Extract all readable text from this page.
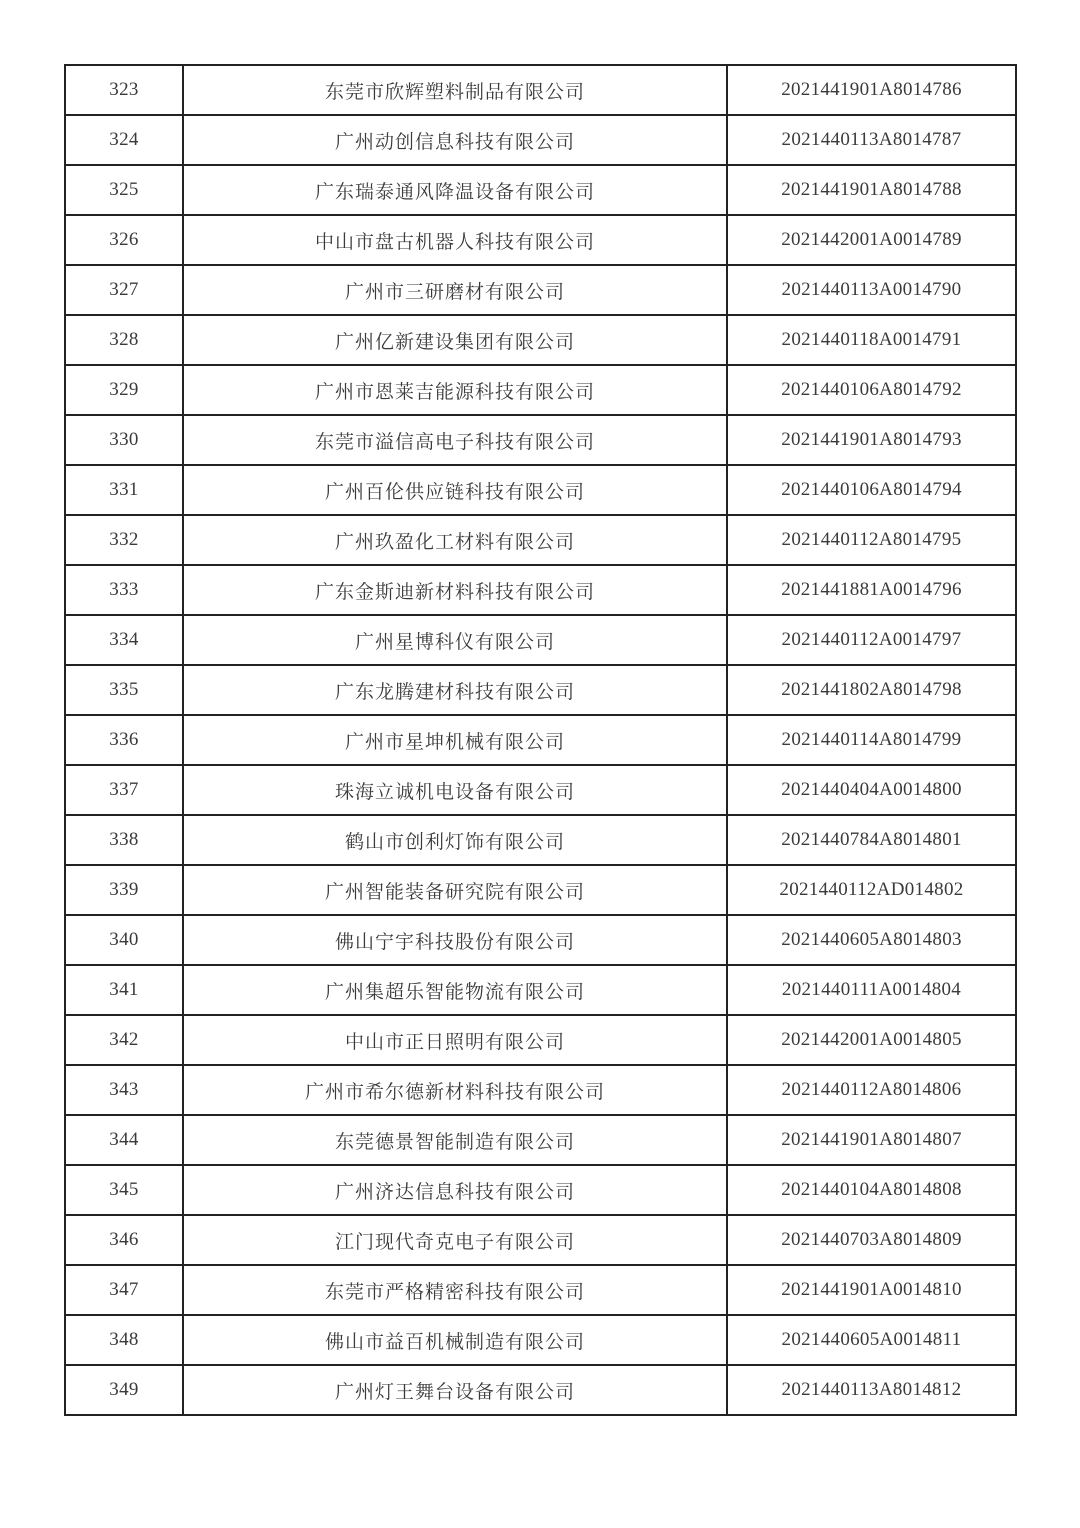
323	东莞市欣辉塑料制品有限公司	2021441901A8014786
324	广州动创信息科技有限公司	2021440113A8014787
325	广东瑞泰通风降温设备有限公司	2021441901A8014788
326	中山市盘古机器人科技有限公司	2021442001A0014789
327	广州市三研磨材有限公司	2021440113A0014790
328	广州亿新建设集团有限公司	2021440118A0014791
329	广州市恩莱吉能源科技有限公司	2021440106A8014792
330	东莞市溢信高电子科技有限公司	2021441901A8014793
331	广州百伦供应链科技有限公司	2021440106A8014794
332	广州玖盈化工材料有限公司	2021440112A8014795
333	广东金斯迪新材料科技有限公司	2021441881A0014796
334	广州星博科仪有限公司	2021440112A0014797
335	广东龙腾建材科技有限公司	2021441802A8014798
336	广州市星坤机械有限公司	2021440114A8014799
337	珠海立诚机电设备有限公司	2021440404A0014800
338	鹤山市创利灯饰有限公司	2021440784A8014801
339	广州智能装备研究院有限公司	2021440112AD014802
340	佛山宁宇科技股份有限公司	2021440605A8014803
341	广州集超乐智能物流有限公司	2021440111A0014804
342	中山市正日照明有限公司	2021442001A0014805
343	广州市希尔德新材料科技有限公司	2021440112A8014806
344	东莞德景智能制造有限公司	2021441901A8014807
345	广州济达信息科技有限公司	2021440104A8014808
346	江门现代奇克电子有限公司	2021440703A8014809
347	东莞市严格精密科技有限公司	2021441901A0014810
348	佛山市益百机械制造有限公司	2021440605A0014811
349	广州灯王舞台设备有限公司	2021440113A8014812
